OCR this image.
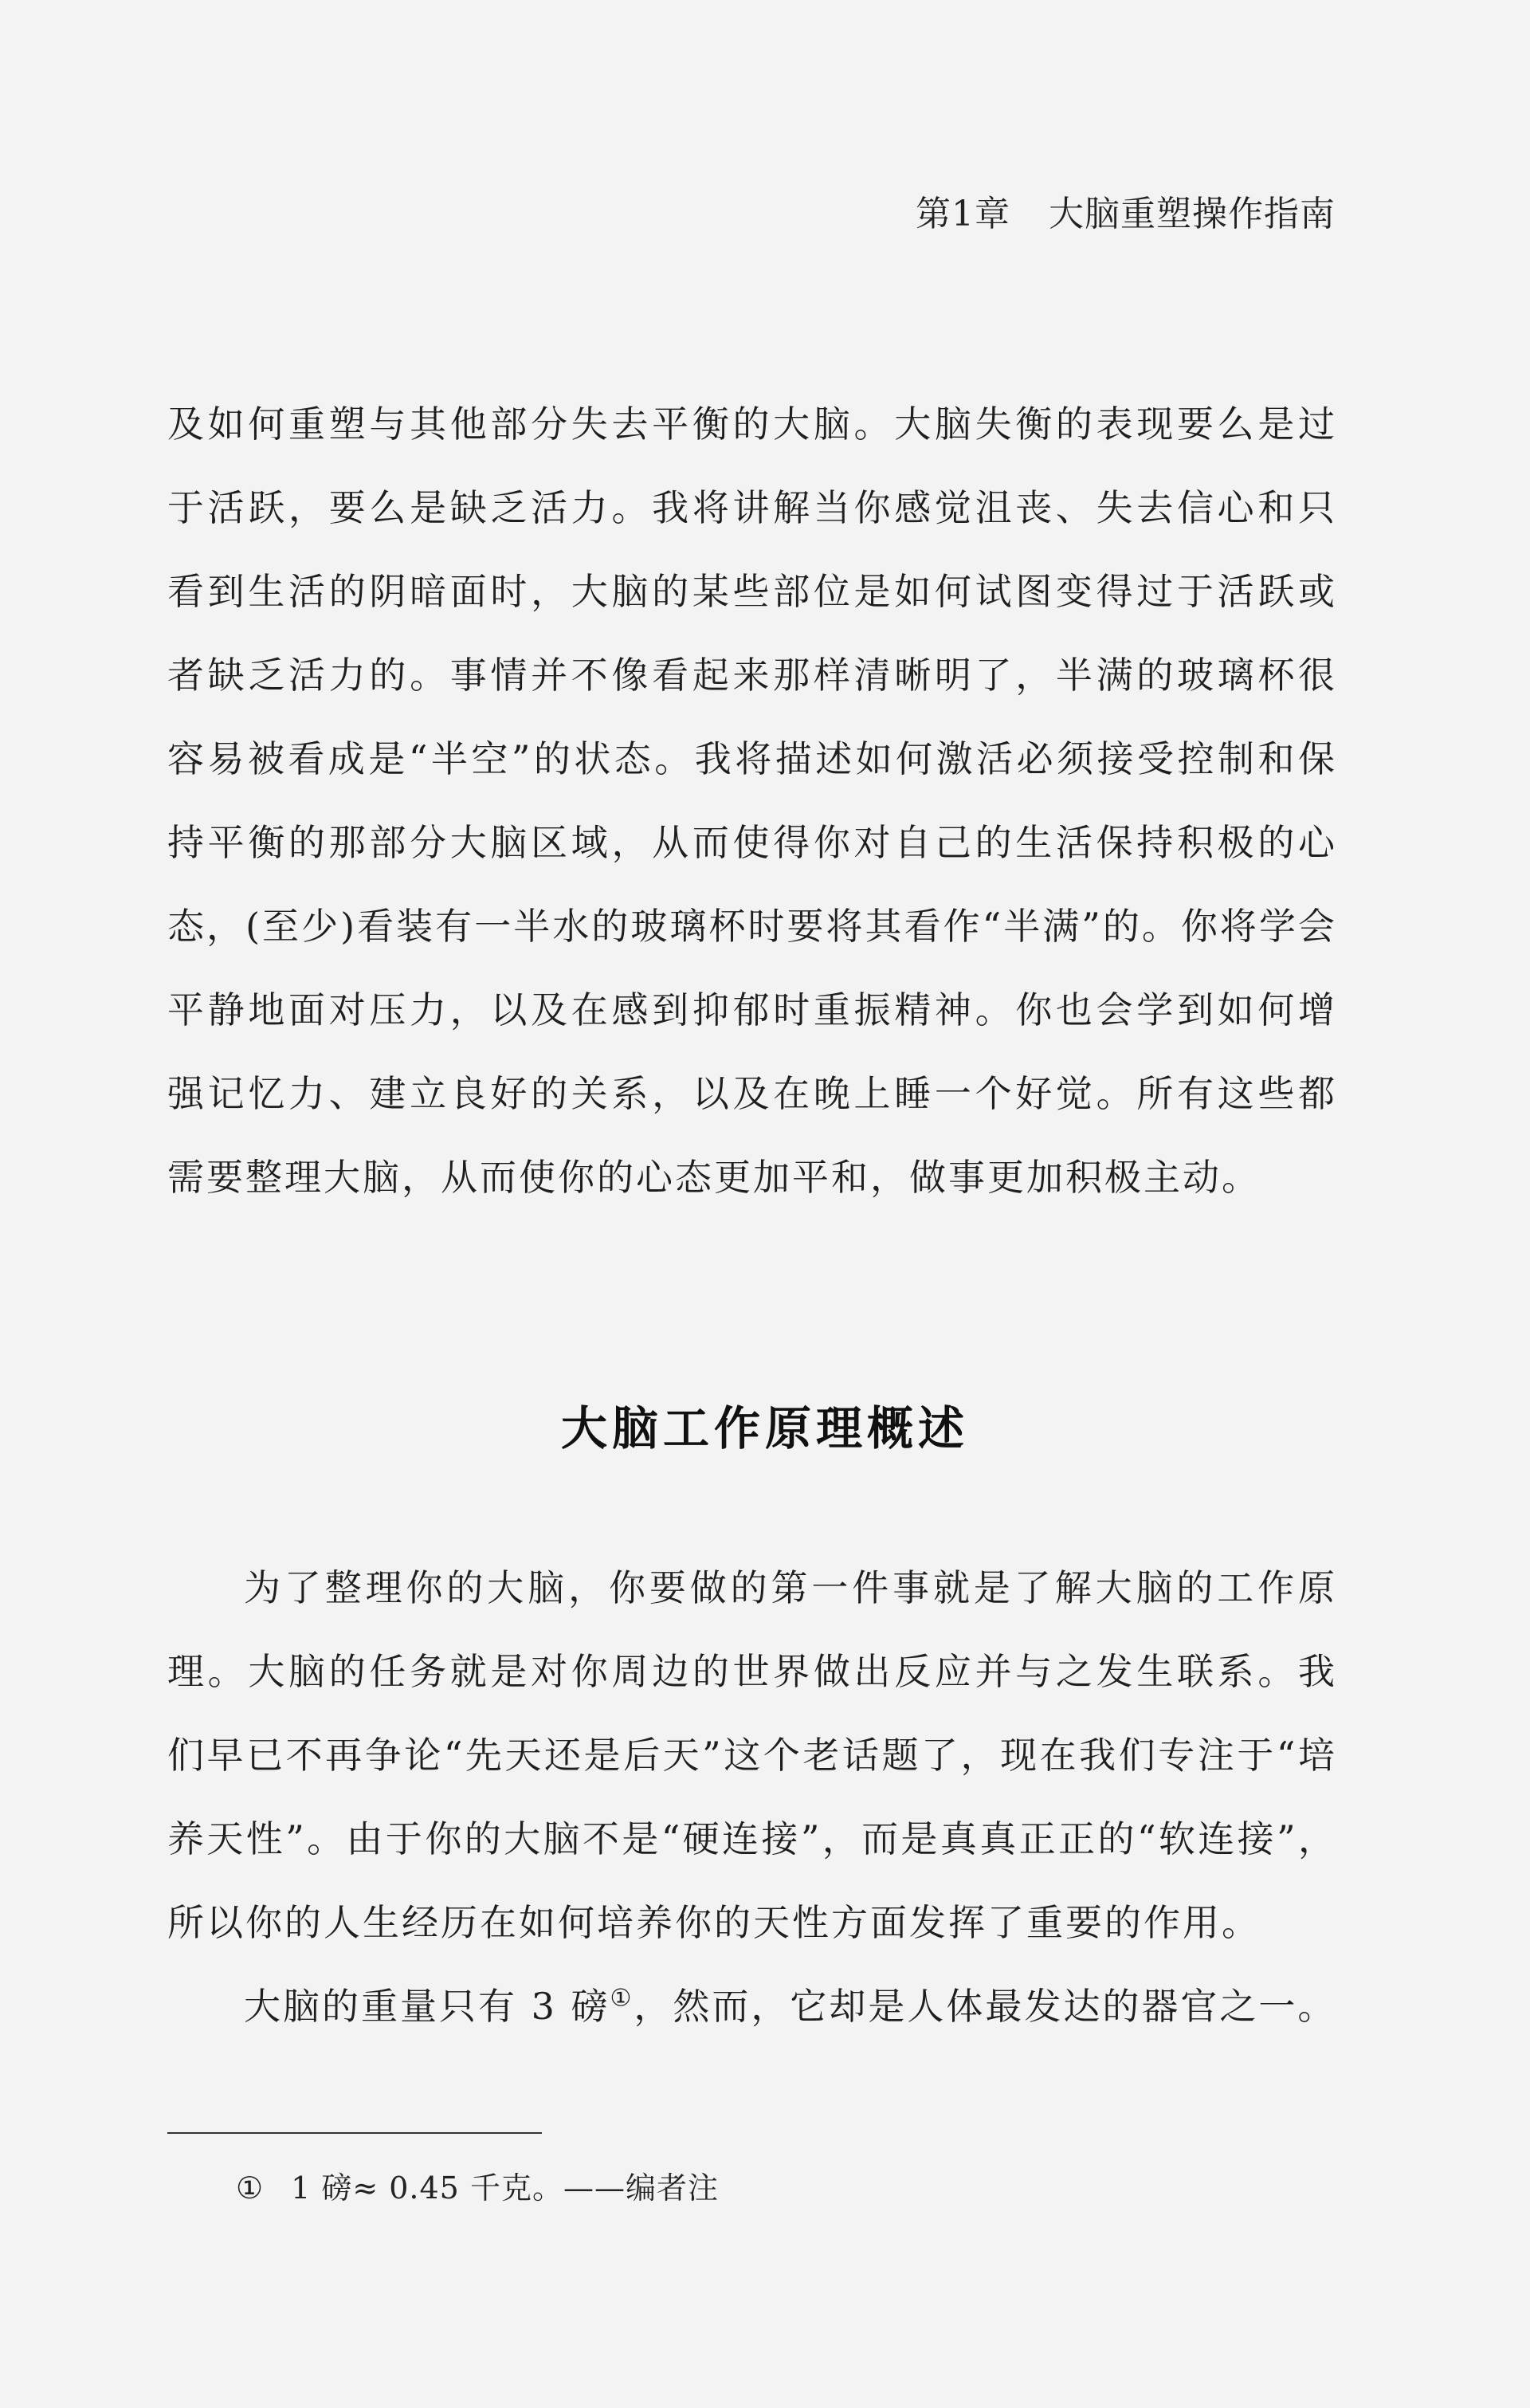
第1章 大脑重塑操作指南
及如何重塑与其他部分失去平衡的大脑。大脑失衡的表现要么是过于活跃，要么是缺乏活力。我将讲解当你感觉沮丧、失去信心和只看到生活的阴暗面时，大脑的某些部位是如何试图变得过于活跃或者缺乏活力的。事情并不像看起来那样清晰明了，半满的玻璃杯很容易被看成是“半空”的状态。我将描述如何激活必须接受控制和保持平衡的那部分大脑区域，从而使得你对自己的生活保持积极的心态，(至少)看装有一半水的玻璃杯时要将其看作“半满”的。你将学会平静地面对压力，以及在感到抑郁时重振精神。你也会学到如何增强记忆力、建立良好的关系，以及在晚上睡一个好觉。所有这些都需要整理大脑，从而使你的心态更加平和，做事更加积极主动。
大脑工作原理概述
为了整理你的大脑，你要做的第一件事就是了解大脑的工作原理。大脑的任务就是对你周边的世界做出反应并与之发生联系。我们早已不再争论“先天还是后天”这个老话题了，现在我们专注于“培养天性”。由于你的大脑不是“硬连接”，而是真真正正的“软连接”，所以你的人生经历在如何培养你的天性方面发挥了重要的作用。
大脑的重量只有 3 磅①，然而，它却是人体最发达的器官之一。
① 1 磅≈ 0.45 千克。——编者注
